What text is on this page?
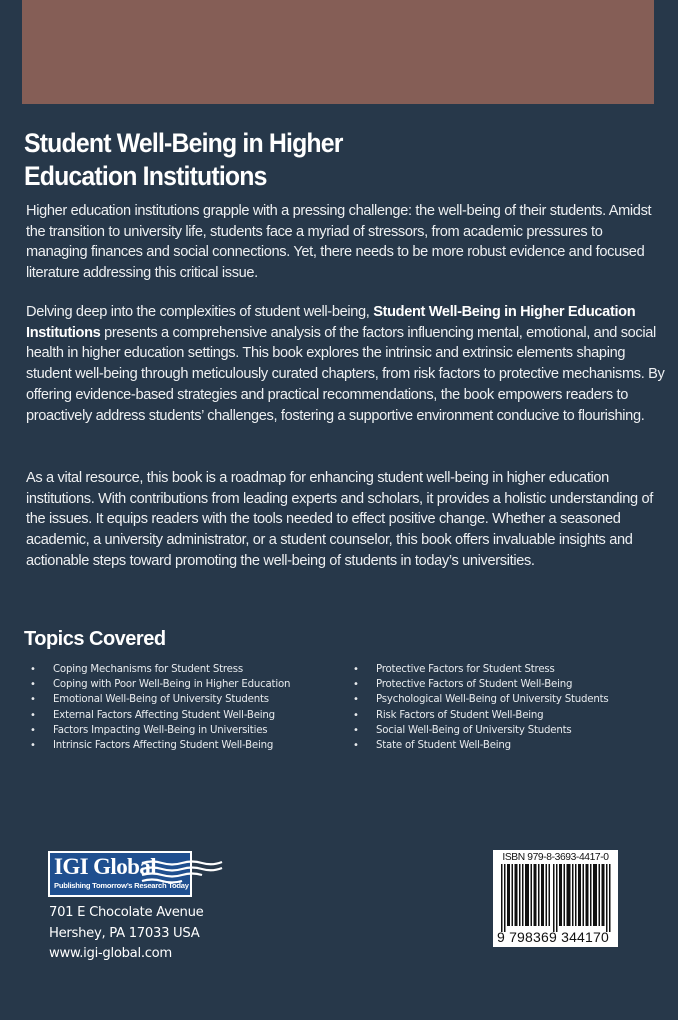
Student Well-Being in Higher
Education Institutions

Higher education institutions grapple with a pressing challenge: the well-being of their students. Amidst the transition to university life, students face a myriad of stressors, from academic pressures to managing finances and social connections. Yet, there needs to be more robust evidence and focused literature addressing this critical issue.

Delving deep into the complexities of student well-being, Student Well-Being in Higher Education Institutions presents a comprehensive analysis of the factors influencing mental, emotional, and social health in higher education settings. This book explores the intrinsic and extrinsic elements shaping student well-being through meticulously curated chapters, from risk factors to protective mechanisms. By offering evidence-based strategies and practical recommendations, the book empowers readers to proactively address students’ challenges, fostering a supportive environment conducive to flourishing.

As a vital resource, this book is a roadmap for enhancing student well-being in higher education institutions. With contributions from leading experts and scholars, it provides a holistic understanding of the issues. It equips readers with the tools needed to effect positive change. Whether a seasoned academic, a university administrator, or a student counselor, this book offers invaluable insights and actionable steps toward promoting the well-being of students in today’s universities.

Topics Covered
•	Coping Mechanisms for Student Stress
•	Coping with Poor Well-Being in Higher Education
•	Emotional Well-Being of University Students
•	External Factors Affecting Student Well-Being
•	Factors Impacting Well-Being in Universities
•	Intrinsic Factors Affecting Student Well-Being
•	Protective Factors for Student Stress
•	Protective Factors of Student Well-Being
•	Psychological Well-Being of University Students
•	Risk Factors of Student Well-Being
•	Social Well-Being of University Students
•	State of Student Well-Being
IGI Global
Publishing Tomorrow’s Research Today
701 E Chocolate Avenue
Hershey, PA 17033 USA
www.igi-global.com
ISBN 979-8-3693-4417-0
9 798369 344170
